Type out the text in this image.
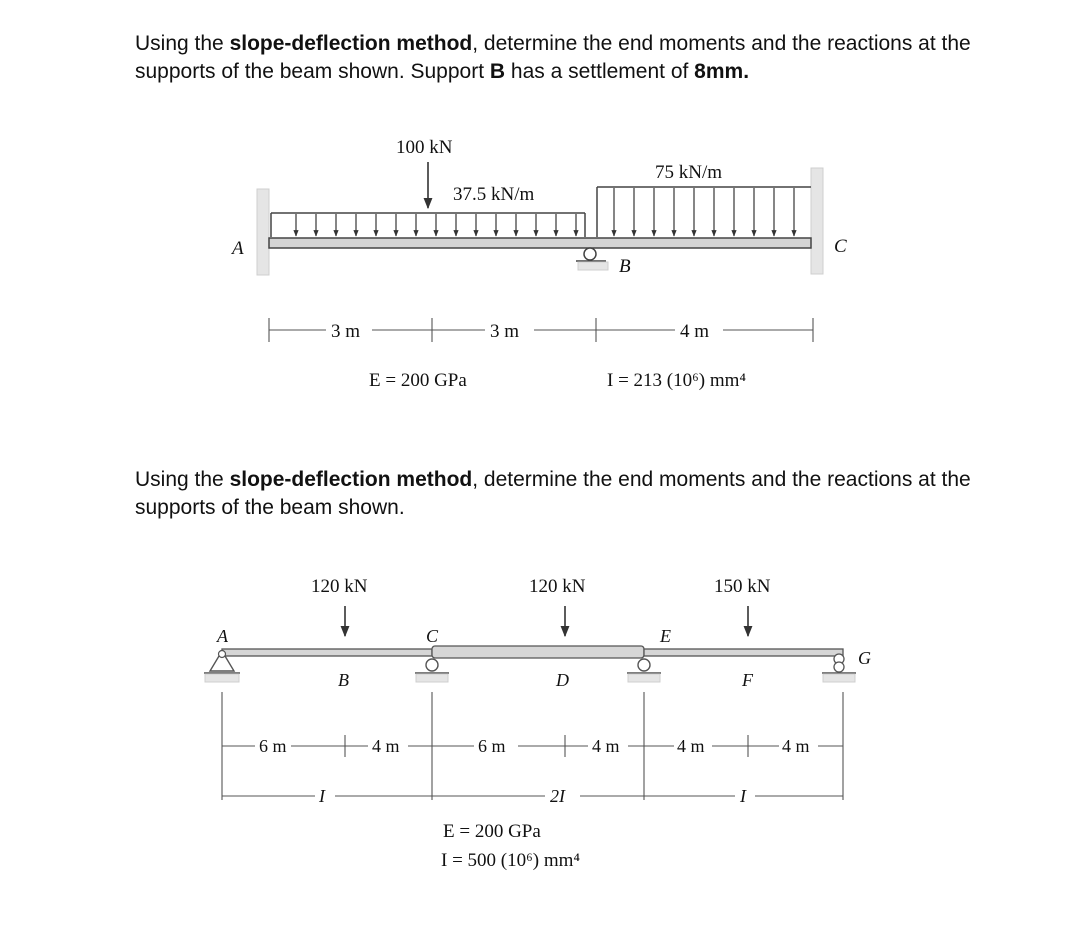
Using the slope-deflection method, determine the end moments and the reactions at the supports of the beam shown. Support B has a settlement of 8mm.
Using the slope-deflection method, determine the end moments and the reactions at the supports of the beam shown.
100 kN
37.5 kN/m
75 kN/m
A
B
C
3 m	3 m	4 m
E = 200 GPa	I = 213 (10⁶) mm⁴
120 kN	120 kN	150 kN
A
B
C
D
E
F
G
6 m	4 m	6 m	4 m	4 m	4 m
I	2I	I
E = 200 GPa
I = 500 (10⁶) mm⁴
